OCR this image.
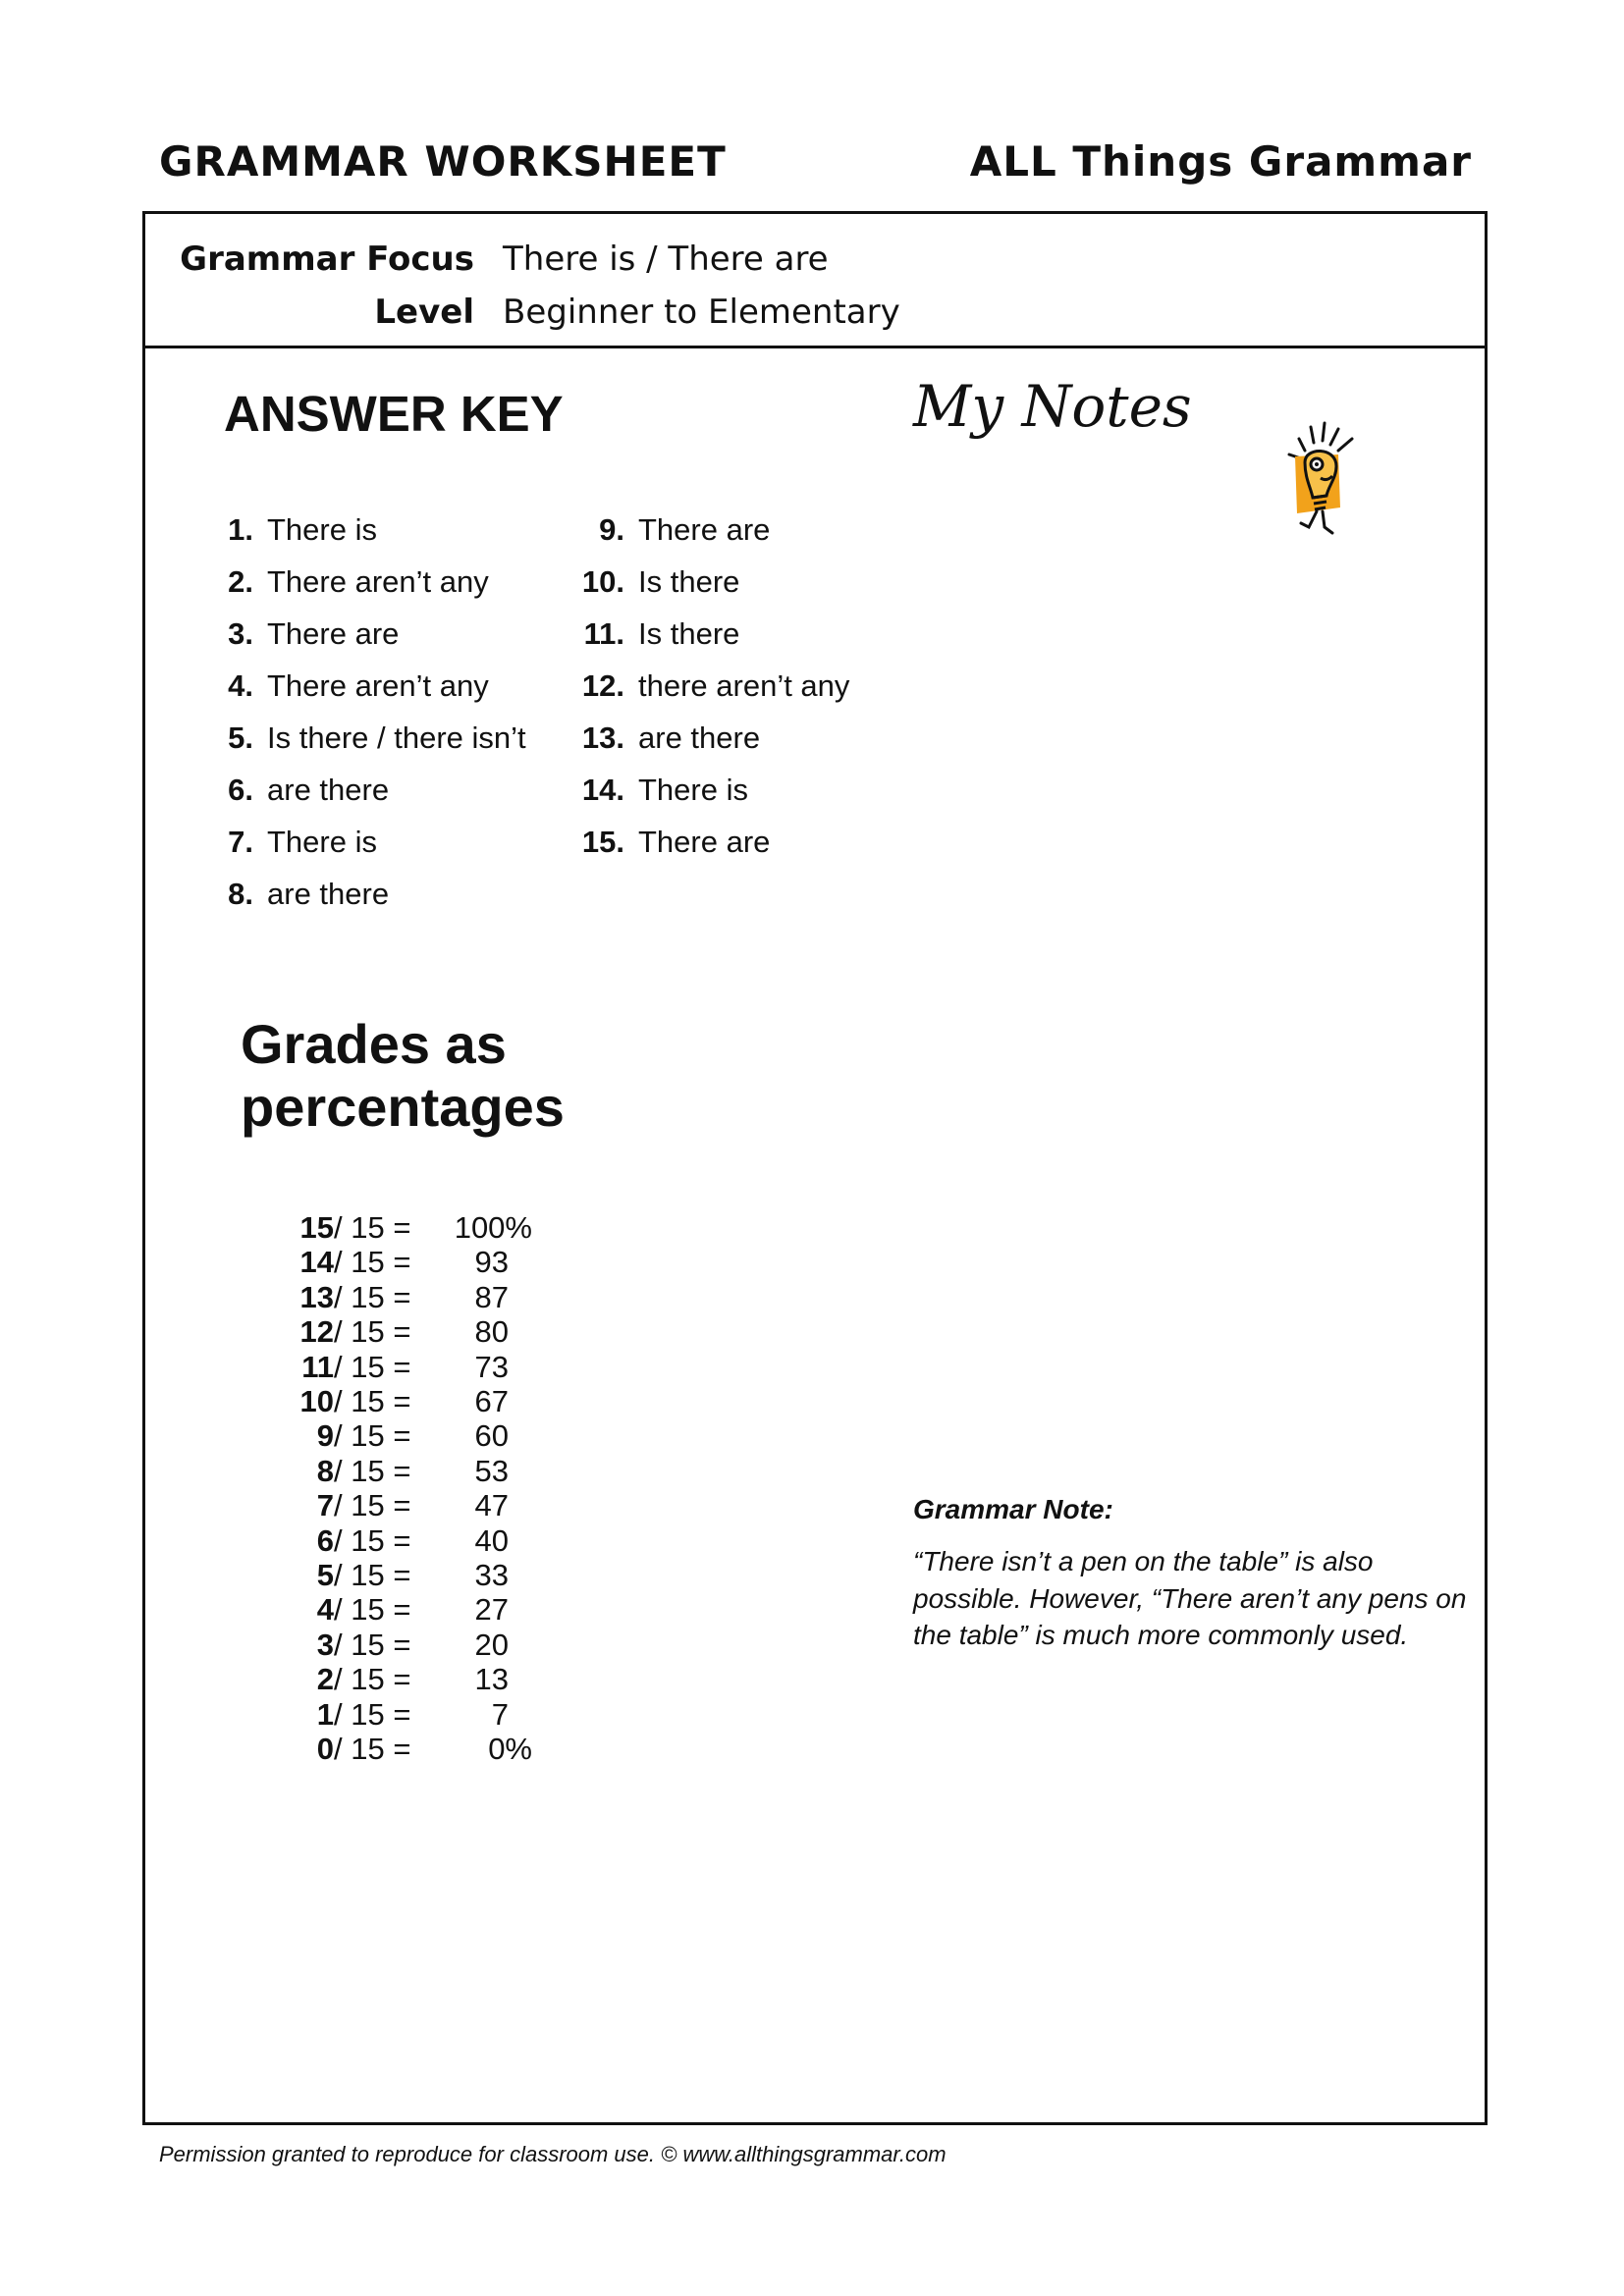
GRAMMAR WORKSHEET	ALL Things Grammar
Grammar Focus There is / There are
Level Beginner to Elementary
ANSWER KEY
1. There is
2. There aren’t any
3. There are
4. There aren’t any
5. Is there / there isn’t
6. are there
7. There is
8. are there
9. There are
10. Is there
11. Is there
12. there aren’t any
13. are there
14. There is
15. There are
Grades as
percentages
15/ 15 = 100%
14/ 15 = 93
13/ 15 = 87
12/ 15 = 80
11/ 15 = 73
10/ 15 = 67
9/ 15 = 60
8/ 15 = 53
7/ 15 = 47
6/ 15 = 40
5/ 15 = 33
4/ 15 = 27
3/ 15 = 20
2/ 15 = 13
1/ 15 =	7
0/ 15 =	0%
My Notes
Grammar Note:
“There isn’t a pen on the table” is also possible. However, “There aren’t any pens on the table” is much more commonly used.
Permission granted to reproduce for classroom use. © www.allthingsgrammar.com
